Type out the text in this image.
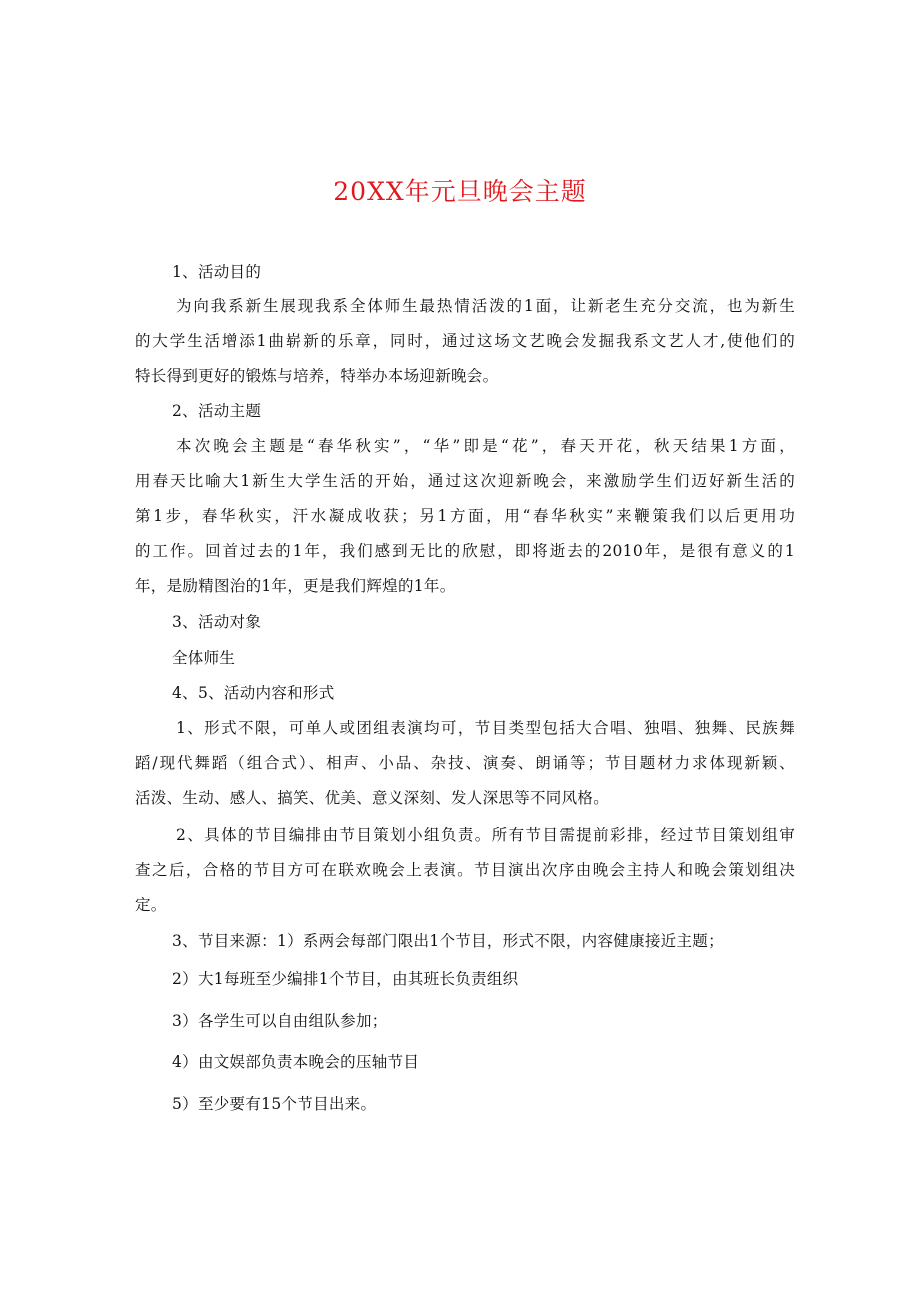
20XX年元旦晚会主题
1、活动目的
为向我系新生展现我系全体师生最热情活泼的1面，让新老生充分交流，也为新生
的大学生活增添1曲崭新的乐章，同时，通过这场文艺晚会发掘我系文艺人才,使他们的
特长得到更好的锻炼与培养，特举办本场迎新晚会。
2、活动主题
本次晚会主题是“春华秋实”，“华”即是“花”，春天开花，秋天结果1方面，
用春天比喻大1新生大学生活的开始，通过这次迎新晚会，来激励学生们迈好新生活的
第1步，春华秋实，汗水凝成收获；另1方面，用“春华秋实”来鞭策我们以后更用功
的工作。回首过去的1年，我们感到无比的欣慰，即将逝去的2010年，是很有意义的1
年，是励精图治的1年，更是我们辉煌的1年。
3、活动对象
全体师生
4、5、活动内容和形式
1、形式不限，可单人或团组表演均可，节目类型包括大合唱、独唱、独舞、民族舞
蹈/现代舞蹈（组合式）、相声、小品、杂技、演奏、朗诵等；节目题材力求体现新颖、
活泼、生动、感人、搞笑、优美、意义深刻、发人深思等不同风格。
2、具体的节目编排由节目策划小组负责。所有节目需提前彩排，经过节目策划组审
查之后，合格的节目方可在联欢晚会上表演。节目演出次序由晚会主持人和晚会策划组决
定。
3、节目来源：1）系两会每部门限出1个节目，形式不限，内容健康接近主题；
2）大1每班至少编排1个节目，由其班长负责组织
3）各学生可以自由组队参加；
4）由文娱部负责本晚会的压轴节目
5）至少要有15个节目出来。
